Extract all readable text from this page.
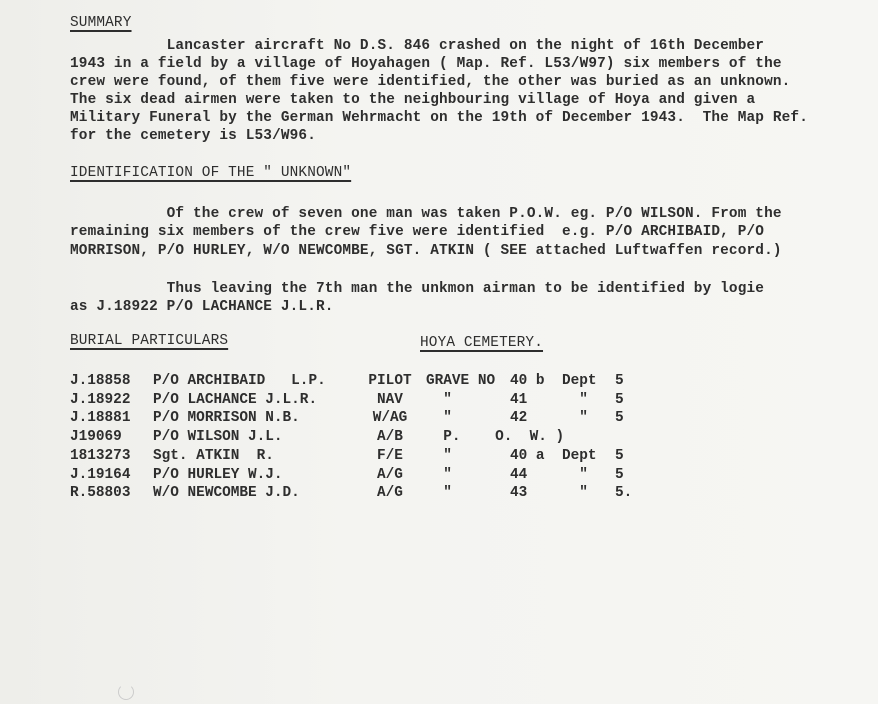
SUMMARY
Lancaster aircraft No D.S. 846 crashed on the night of 16th December
1943 in a field by a village of Hoyahagen ( Map. Ref. L53/W97) six members of the
crew were found, of them five were identified, the other was buried as an unknown.
The six dead airmen were taken to the neighbouring village of Hoya and given a
Military Funeral by the German Wehrmacht on the 19th of December 1943.  The Map Ref.
for the cemetery is L53/W96.
IDENTIFICATION OF THE " UNKNOWN"
Of the crew of seven one man was taken P.O.W. eg. P/O WILSON. From the
remaining six members of the crew five were identified  e.g. P/O ARCHIBAID, P/O
MORRISON, P/O HURLEY, W/O NEWCOMBE, SGT. ATKIN ( SEE attached Luftwaffen record.)
Thus leaving the 7th man the unkmon airman to be identified by logie
as J.18922 P/O LACHANCE J.L.R.
BURIAL PARTICULARS	HOYA CEMETERY.
J.18858 P/O ARCHIBAID   L.P.	PILOT	GRAVE NO 40 b Dept 5
J.18922 P/O LACHANCE J.L.R.	NAV	"	41 " 5
J.18881 P/O MORRISON N.B.	W/AG	"	42 " 5
J19069 P/O WILSON J.L.	A/B	P.    O.  W. )
1813273 Sgt. ATKIN  R.	F/E	"	40 a Dept 5
J.19164 P/O HURLEY W.J.	A/G	"	44 " 5
R.58803 W/O NEWCOMBE J.D.	A/G	"	43 " 5.
